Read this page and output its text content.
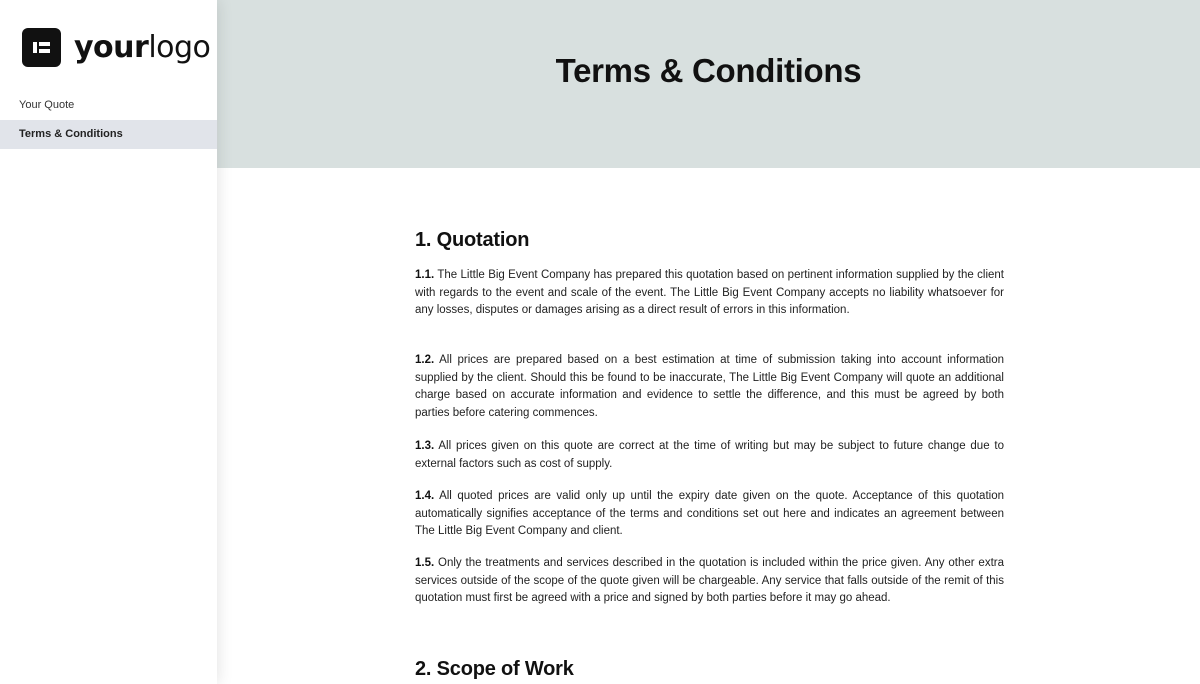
yourlogo
Your Quote
Terms & Conditions
Terms & Conditions
1. Quotation

1.1. The Little Big Event Company has prepared this quotation based on pertinent information supplied by the client with regards to the event and scale of the event. The Little Big Event Company accepts no liability whatsoever for any losses, disputes or damages arising as a direct result of errors in this information.

1.2. All prices are prepared based on a best estimation at time of submission taking into account information supplied by the client. Should this be found to be inaccurate, The Little Big Event Company will quote an additional charge based on accurate information and evidence to settle the difference, and this must be agreed by both parties before catering commences.

1.3. All prices given on this quote are correct at the time of writing but may be subject to future change due to external factors such as cost of supply.

1.4. All quoted prices are valid only up until the expiry date given on the quote. Acceptance of this quotation automatically signifies acceptance of the terms and conditions set out here and indicates an agreement between The Little Big Event Company and client.

1.5. Only the treatments and services described in the quotation is included within the price given. Any other extra services outside of the scope of the quote given will be chargeable. Any service that falls outside of the remit of this quotation must first be agreed with a price and signed by both parties before it may go ahead.

2. Scope of Work
